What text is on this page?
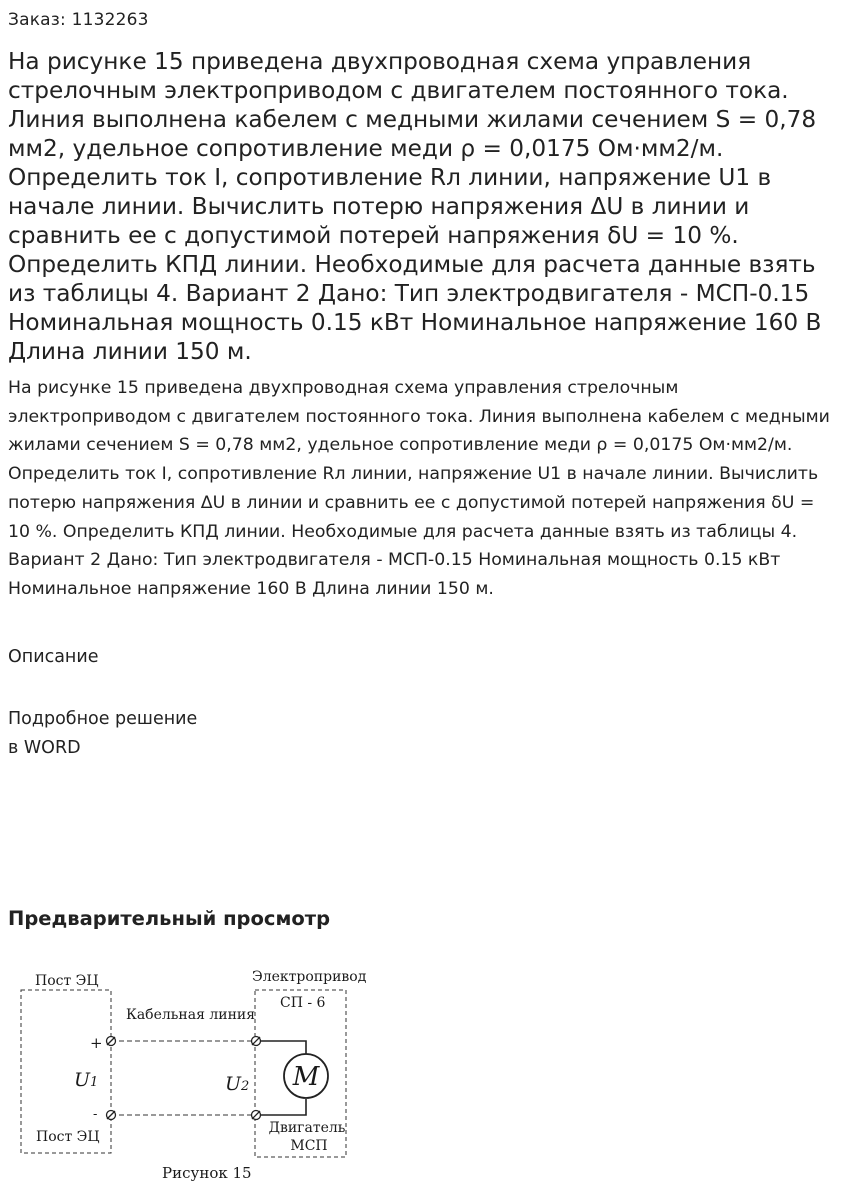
Заказ: 1132263
На рисунке 15 приведена двухпроводная схема управления стрелочным электроприводом с двигателем постоянного тока. Линия выполнена кабелем с медными жилами сечением S = 0,78 мм2, удельное сопротивление меди ρ = 0,0175 Ом·мм2/м. Определить ток I, сопротивление Rл линии, напряжение U1 в начале линии. Вычислить потерю напряжения ΔU в линии и сравнить ее с допустимой потерей напряжения δU = 10 %. Определить КПД линии. Необходимые для расчета данные взять из таблицы 4. Вариант 2 Дано: Тип электродвигателя - МСП-0.15 Номинальная мощность 0.15 кВт Номинальное напряжение 160 В Длина линии 150 м.
На рисунке 15 приведена двухпроводная схема управления стрелочным электроприводом с двигателем постоянного тока. Линия выполнена кабелем с медными жилами сечением S = 0,78 мм2, удельное сопротивление меди ρ = 0,0175 Ом·мм2/м. Определить ток I, сопротивление Rл линии, напряжение U1 в начале линии. Вычислить потерю напряжения ΔU в линии и сравнить ее с допустимой потерей напряжения δU = 10 %. Определить КПД линии. Необходимые для расчета данные взять из таблицы 4. Вариант 2 Дано: Тип электродвигателя - МСП-0.15 Номинальная мощность 0.15 кВт Номинальное напряжение 160 В Длина линии 150 м.
Описание
Подробное решение
в WORD
Предварительный просмотр
Пост ЭЦ
Пост ЭЦ
Электропривод
СП - 6
Кабельная линия
+
-
U1	U2 M
Двигатель
МСП
Рисунок 15
